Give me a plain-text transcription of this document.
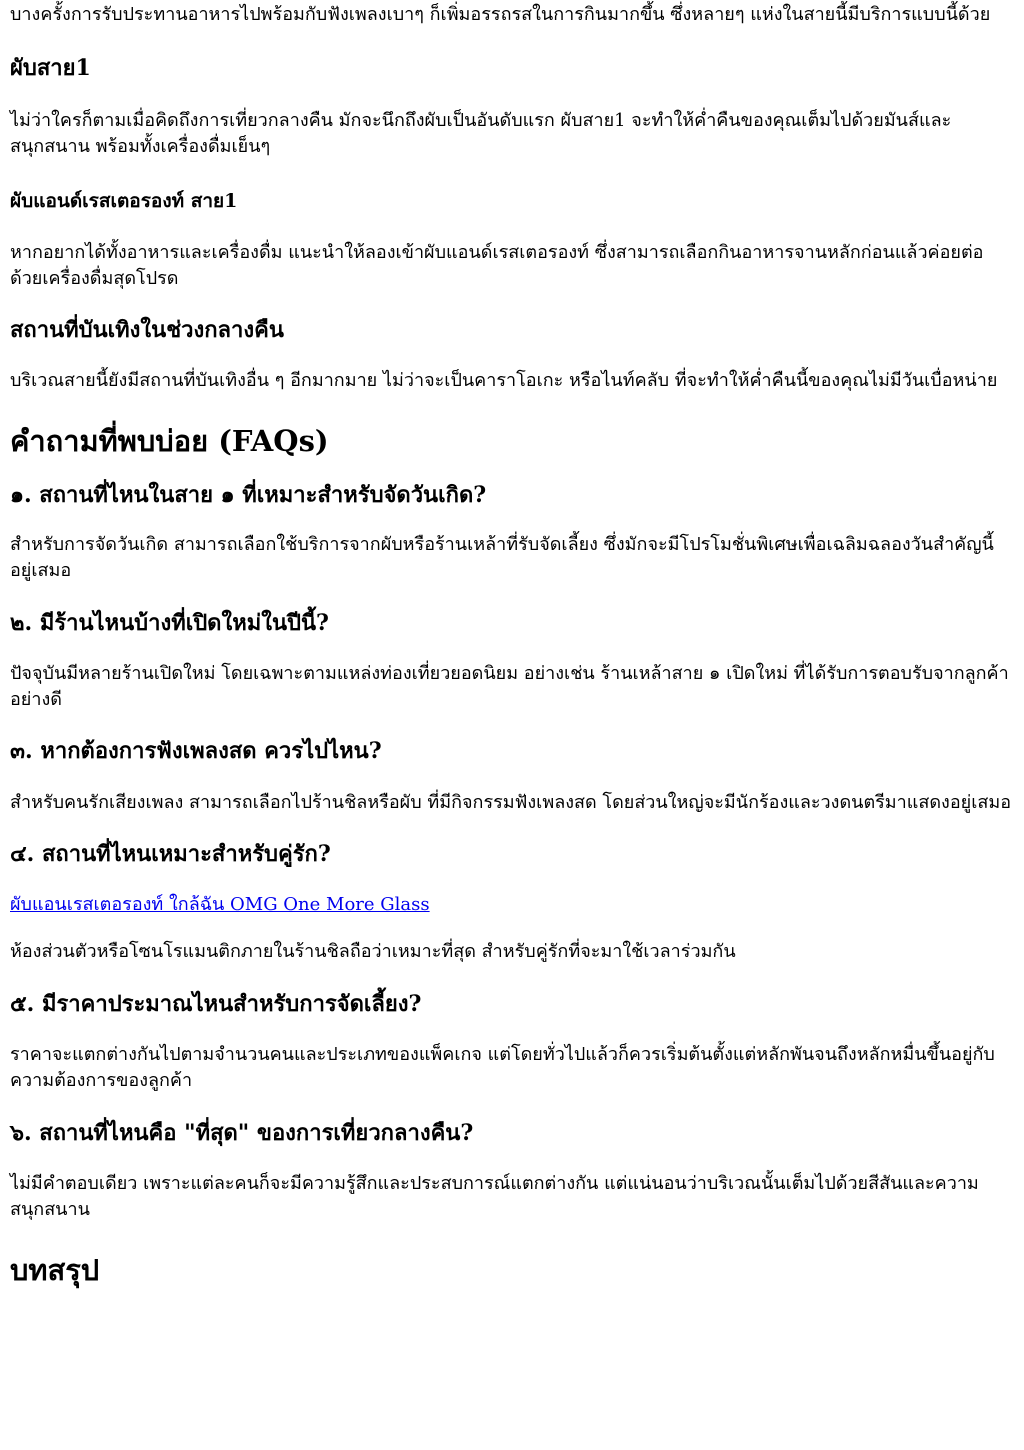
บางครั้งการรับประทานอาหารไปพร้อมกับฟังเพลงเบาๆ ก็เพิ่มอรรถรสในการกินมากขึ้น ซึ่งหลายๆ แห่งในสายนี้มีบริการแบบนี้ด้วย

ผับสาย1

ไม่ว่าใครก็ตามเมื่อคิดถึงการเที่ยวกลางคืน มักจะนึกถึงผับเป็นอันดับแรก ผับสาย1 จะทำให้ค่ำคืนของคุณเต็มไปด้วยมันส์และสนุกสนาน พร้อมทั้งเครื่องดื่มเย็นๆ

ผับแอนด์เรสเตอรองท์ สาย1

หากอยากได้ทั้งอาหารและเครื่องดื่ม แนะนำให้ลองเข้าผับแอนด์เรสเตอรองท์ ซึ่งสามารถเลือกกินอาหารจานหลักก่อนแล้วค่อยต่อด้วยเครื่องดื่มสุดโปรด

สถานที่บันเทิงในช่วงกลางคืน

บริเวณสายนี้ยังมีสถานที่บันเทิงอื่น ๆ อีกมากมาย ไม่ว่าจะเป็นคาราโอเกะ หรือไนท์คลับ ที่จะทำให้ค่ำคืนนี้ของคุณไม่มีวันเบื่อหน่าย

คำถามที่พบบ่อย (FAQs)
๑. สถานที่ไหนในสาย ๑ ที่เหมาะสำหรับจัดวันเกิด?

สำหรับการจัดวันเกิด สามารถเลือกใช้บริการจากผับหรือร้านเหล้าที่รับจัดเลี้ยง ซึ่งมักจะมีโปรโมชั่นพิเศษเพื่อเฉลิมฉลองวันสำคัญนี้อยู่เสมอ

๒. มีร้านไหนบ้างที่เปิดใหม่ในปีนี้?

ปัจจุบันมีหลายร้านเปิดใหม่ โดยเฉพาะตามแหล่งท่องเที่ยวยอดนิยม อย่างเช่น ร้านเหล้าสาย ๑ เปิดใหม่ ที่ได้รับการตอบรับจากลูกค้าอย่างดี

๓. หากต้องการฟังเพลงสด ควรไปไหน?

สำหรับคนรักเสียงเพลง สามารถเลือกไปร้านชิลหรือผับ ที่มีกิจกรรมฟังเพลงสด โดยส่วนใหญ่จะมีนักร้องและวงดนตรีมาแสดงอยู่เสมอ

๔. สถานที่ไหนเหมาะสำหรับคู่รัก?
ผับแอนเรสเตอรองท์ ใกล้ฉัน OMG One More Glass

ห้องส่วนตัวหรือโซนโรแมนติกภายในร้านชิลถือว่าเหมาะที่สุด สำหรับคู่รักที่จะมาใช้เวลาร่วมกัน

๕. มีราคาประมาณไหนสำหรับการจัดเลี้ยง?

ราคาจะแตกต่างกันไปตามจำนวนคนและประเภทของแพ็คเกจ แต่โดยทั่วไปแล้วก็ควรเริ่มต้นตั้งแต่หลักพันจนถึงหลักหมื่นขึ้นอยู่กับความต้องการของลูกค้า

๖. สถานที่ไหนคือ "ที่สุด" ของการเที่ยวกลางคืน?

ไม่มีคำตอบเดียว เพราะแต่ละคนก็จะมีความรู้สึกและประสบการณ์แตกต่างกัน แต่แน่นอนว่าบริเวณนั้นเต็มไปด้วยสีสันและความสนุกสนาน

บทสรุป
